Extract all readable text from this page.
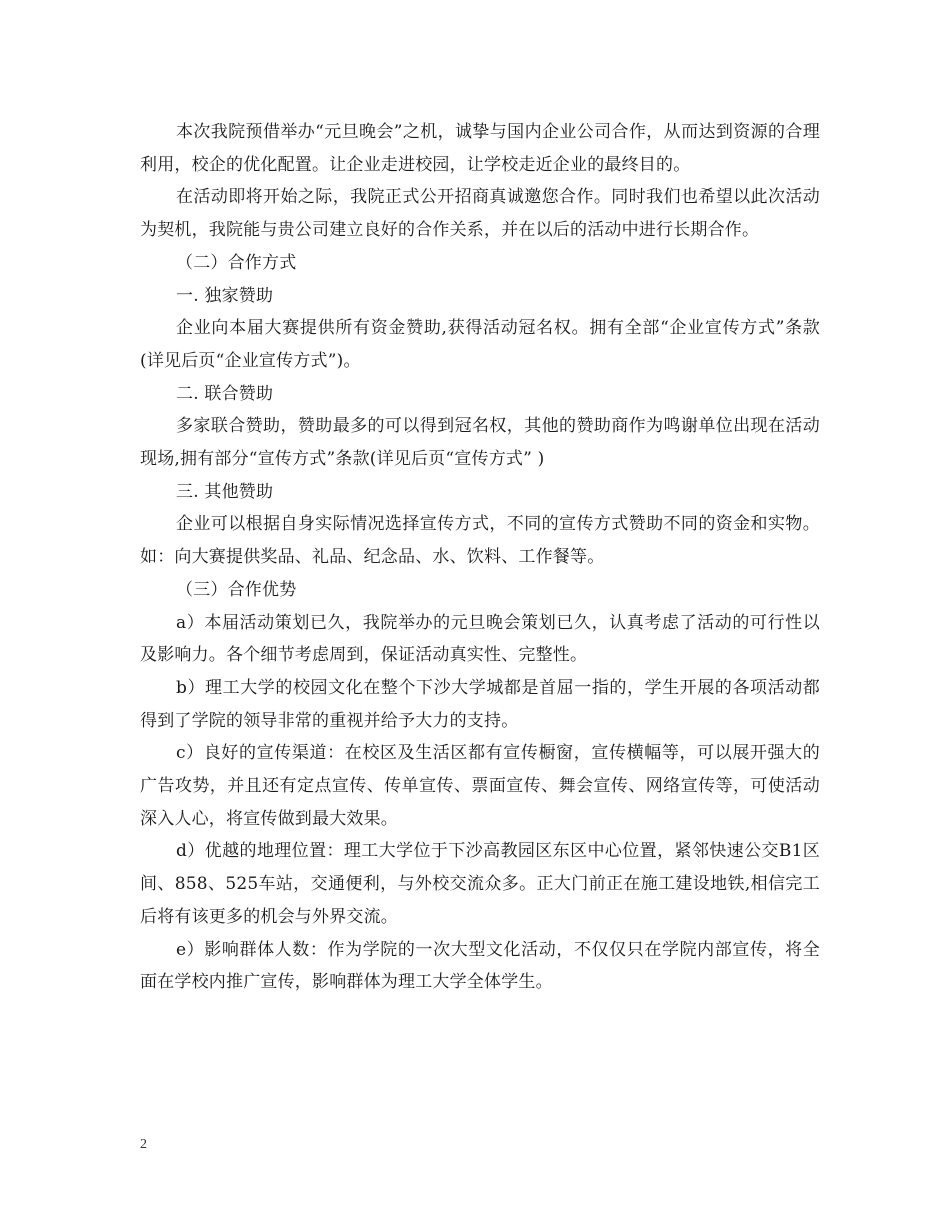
本次我院预借举办“元旦晚会”之机，诚挚与国内企业公司合作，从而达到资源的合理利用，校企的优化配置。让企业走进校园，让学校走近企业的最终目的。

在活动即将开始之际，我院正式公开招商真诚邀您合作。同时我们也希望以此次活动为契机，我院能与贵公司建立良好的合作关系，并在以后的活动中进行长期合作。

（二）合作方式

一. 独家赞助

企业向本届大赛提供所有资金赞助,获得活动冠名权。拥有全部“企业宣传方式”条款(详见后页“企业宣传方式”)。

二. 联合赞助

多家联合赞助，赞助最多的可以得到冠名权，其他的赞助商作为鸣谢单位出现在活动现场,拥有部分“宣传方式”条款(详见后页“宣传方式” )

三. 其他赞助

企业可以根据自身实际情况选择宣传方式，不同的宣传方式赞助不同的资金和实物。如：向大赛提供奖品、礼品、纪念品、水、饮料、工作餐等。

（三）合作优势

a）本届活动策划已久，我院举办的元旦晚会策划已久，认真考虑了活动的可行性以及影响力。各个细节考虑周到，保证活动真实性、完整性。

b）理工大学的校园文化在整个下沙大学城都是首屈一指的，学生开展的各项活动都得到了学院的领导非常的重视并给予大力的支持。

c）良好的宣传渠道：在校区及生活区都有宣传橱窗，宣传横幅等，可以展开强大的广告攻势，并且还有定点宣传、传单宣传、票面宣传、舞会宣传、网络宣传等，可使活动深入人心，将宣传做到最大效果。

d）优越的地理位置：理工大学位于下沙高教园区东区中心位置，紧邻快速公交B1区间、858、525车站，交通便利，与外校交流众多。正大门前正在施工建设地铁,相信完工后将有该更多的机会与外界交流。

e）影响群体人数：作为学院的一次大型文化活动，不仅仅只在学院内部宣传，将全面在学校内推广宣传，影响群体为理工大学全体学生。

2
